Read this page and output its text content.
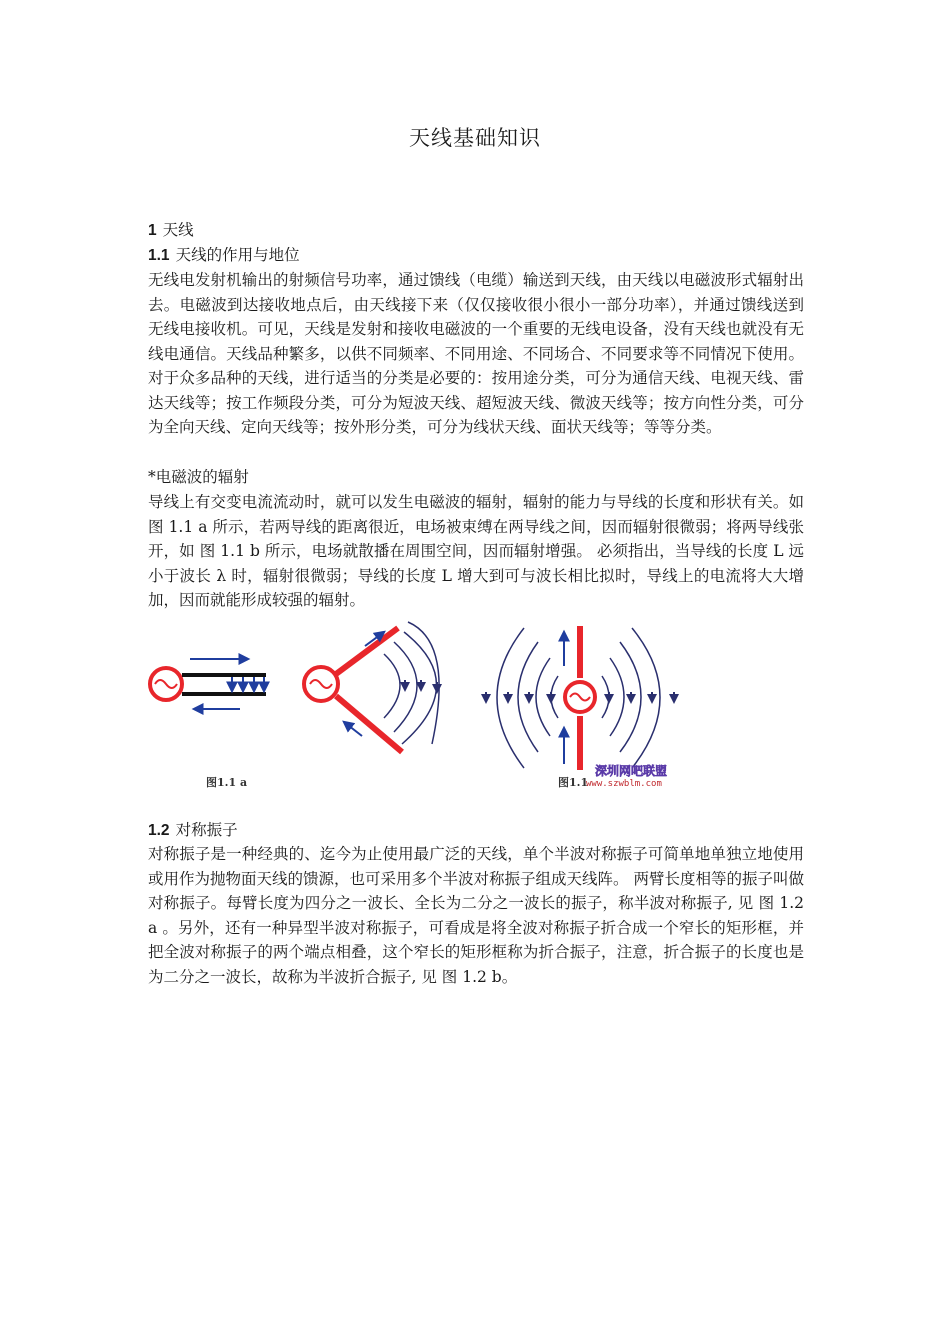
天线基础知识
1 天线
1.1 天线的作用与地位
无线电发射机输出的射频信号功率，通过馈线（电缆）输送到天线，由天线以电磁波形式辐射出去。电磁波到达接收地点后，由天线接下来（仅仅接收很小很小一部分功率），并通过馈线送到无线电接收机。可见，天线是发射和接收电磁波的一个重要的无线电设备，没有天线也就没有无线电通信。天线品种繁多，以供不同频率、不同用途、不同场合、不同要求等不同情况下使用。对于众多品种的天线，进行适当的分类是必要的：按用途分类，可分为通信天线、电视天线、雷达天线等；按工作频段分类，可分为短波天线、超短波天线、微波天线等；按方向性分类，可分为全向天线、定向天线等；按外形分类，可分为线状天线、面状天线等；等等分类。
*电磁波的辐射
导线上有交变电流流动时，就可以发生电磁波的辐射，辐射的能力与导线的长度和形状有关。如 图 1.1 a 所示，若两导线的距离很近，电场被束缚在两导线之间，因而辐射很微弱；将两导线张开，如 图 1.1 b 所示，电场就散播在周围空间，因而辐射增强。 必须指出，当导线的长度 L 远小于波长 λ 时，辐射很微弱；导线的长度 L 增大到可与波长相比拟时，导线上的电流将大大增加，因而就能形成较强的辐射。
图1.1 a	图1.1
深圳网吧联盟
www.szwblm.com
1.2 对称振子
对称振子是一种经典的、迄今为止使用最广泛的天线，单个半波对称振子可简单地单独立地使用或用作为抛物面天线的馈源，也可采用多个半波对称振子组成天线阵。 两臂长度相等的振子叫做对称振子。每臂长度为四分之一波长、全长为二分之一波长的振子，称半波对称振子, 见 图 1.2 a 。另外，还有一种异型半波对称振子，可看成是将全波对称振子折合成一个窄长的矩形框，并把全波对称振子的两个端点相叠，这个窄长的矩形框称为折合振子，注意，折合振子的长度也是为二分之一波长，故称为半波折合振子, 见 图 1.2 b。
